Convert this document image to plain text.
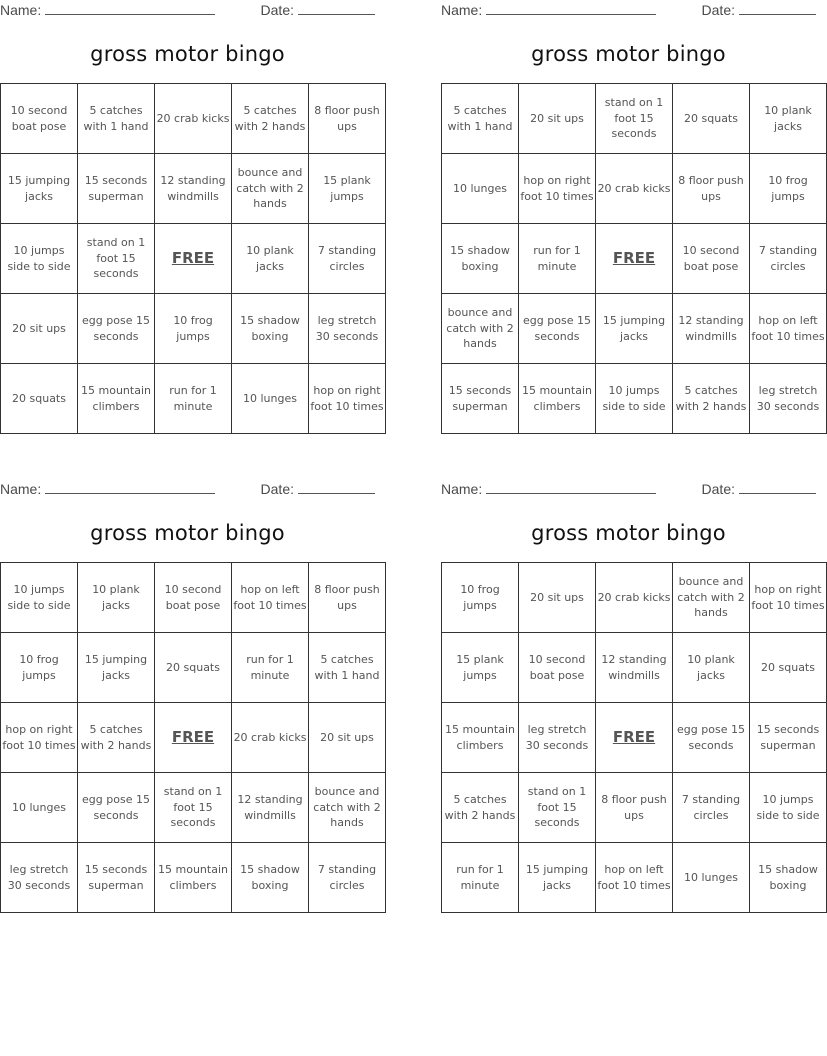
Name:	Date:
gross motor bingo
10 second boat pose	5 catches with 1 hand	20 crab kicks	5 catches with 2 hands	8 floor push ups
15 jumping jacks	15 seconds superman	12 standing windmills	bounce and catch with 2 hands	15 plank jumps
10 jumps side to side	stand on 1 foot 15 seconds	FREE	10 plank jacks	7 standing circles
20 sit ups	egg pose 15 seconds	10 frog jumps	15 shadow boxing	leg stretch 30 seconds
20 squats	15 mountain climbers	run for 1 minute	10 lunges	hop on right foot 10 times
Name:	Date:
gross motor bingo
5 catches with 1 hand	20 sit ups	stand on 1 foot 15 seconds	20 squats	10 plank jacks
10 lunges	hop on right foot 10 times	20 crab kicks	8 floor push ups	10 frog jumps
15 shadow boxing	run for 1 minute	FREE	10 second boat pose	7 standing circles
bounce and catch with 2 hands	egg pose 15 seconds	15 jumping jacks	12 standing windmills	hop on left foot 10 times
15 seconds superman	15 mountain climbers	10 jumps side to side	5 catches with 2 hands	leg stretch 30 seconds
Name:	Date:
gross motor bingo
10 jumps side to side	10 plank jacks	10 second boat pose	hop on left foot 10 times	8 floor push ups
10 frog jumps	15 jumping jacks	20 squats	run for 1 minute	5 catches with 1 hand
hop on right foot 10 times	5 catches with 2 hands	FREE	20 crab kicks	20 sit ups
10 lunges	egg pose 15 seconds	stand on 1 foot 15 seconds	12 standing windmills	bounce and catch with 2 hands
leg stretch 30 seconds	15 seconds superman	15 mountain climbers	15 shadow boxing	7 standing circles
Name:	Date:
gross motor bingo
10 frog jumps	20 sit ups	20 crab kicks	bounce and catch with 2 hands	hop on right foot 10 times
15 plank jumps	10 second boat pose	12 standing windmills	10 plank jacks	20 squats
15 mountain climbers	leg stretch 30 seconds	FREE	egg pose 15 seconds	15 seconds superman
5 catches with 2 hands	stand on 1 foot 15 seconds	8 floor push ups	7 standing circles	10 jumps side to side
run for 1 minute	15 jumping jacks	hop on left foot 10 times	10 lunges	15 shadow boxing
